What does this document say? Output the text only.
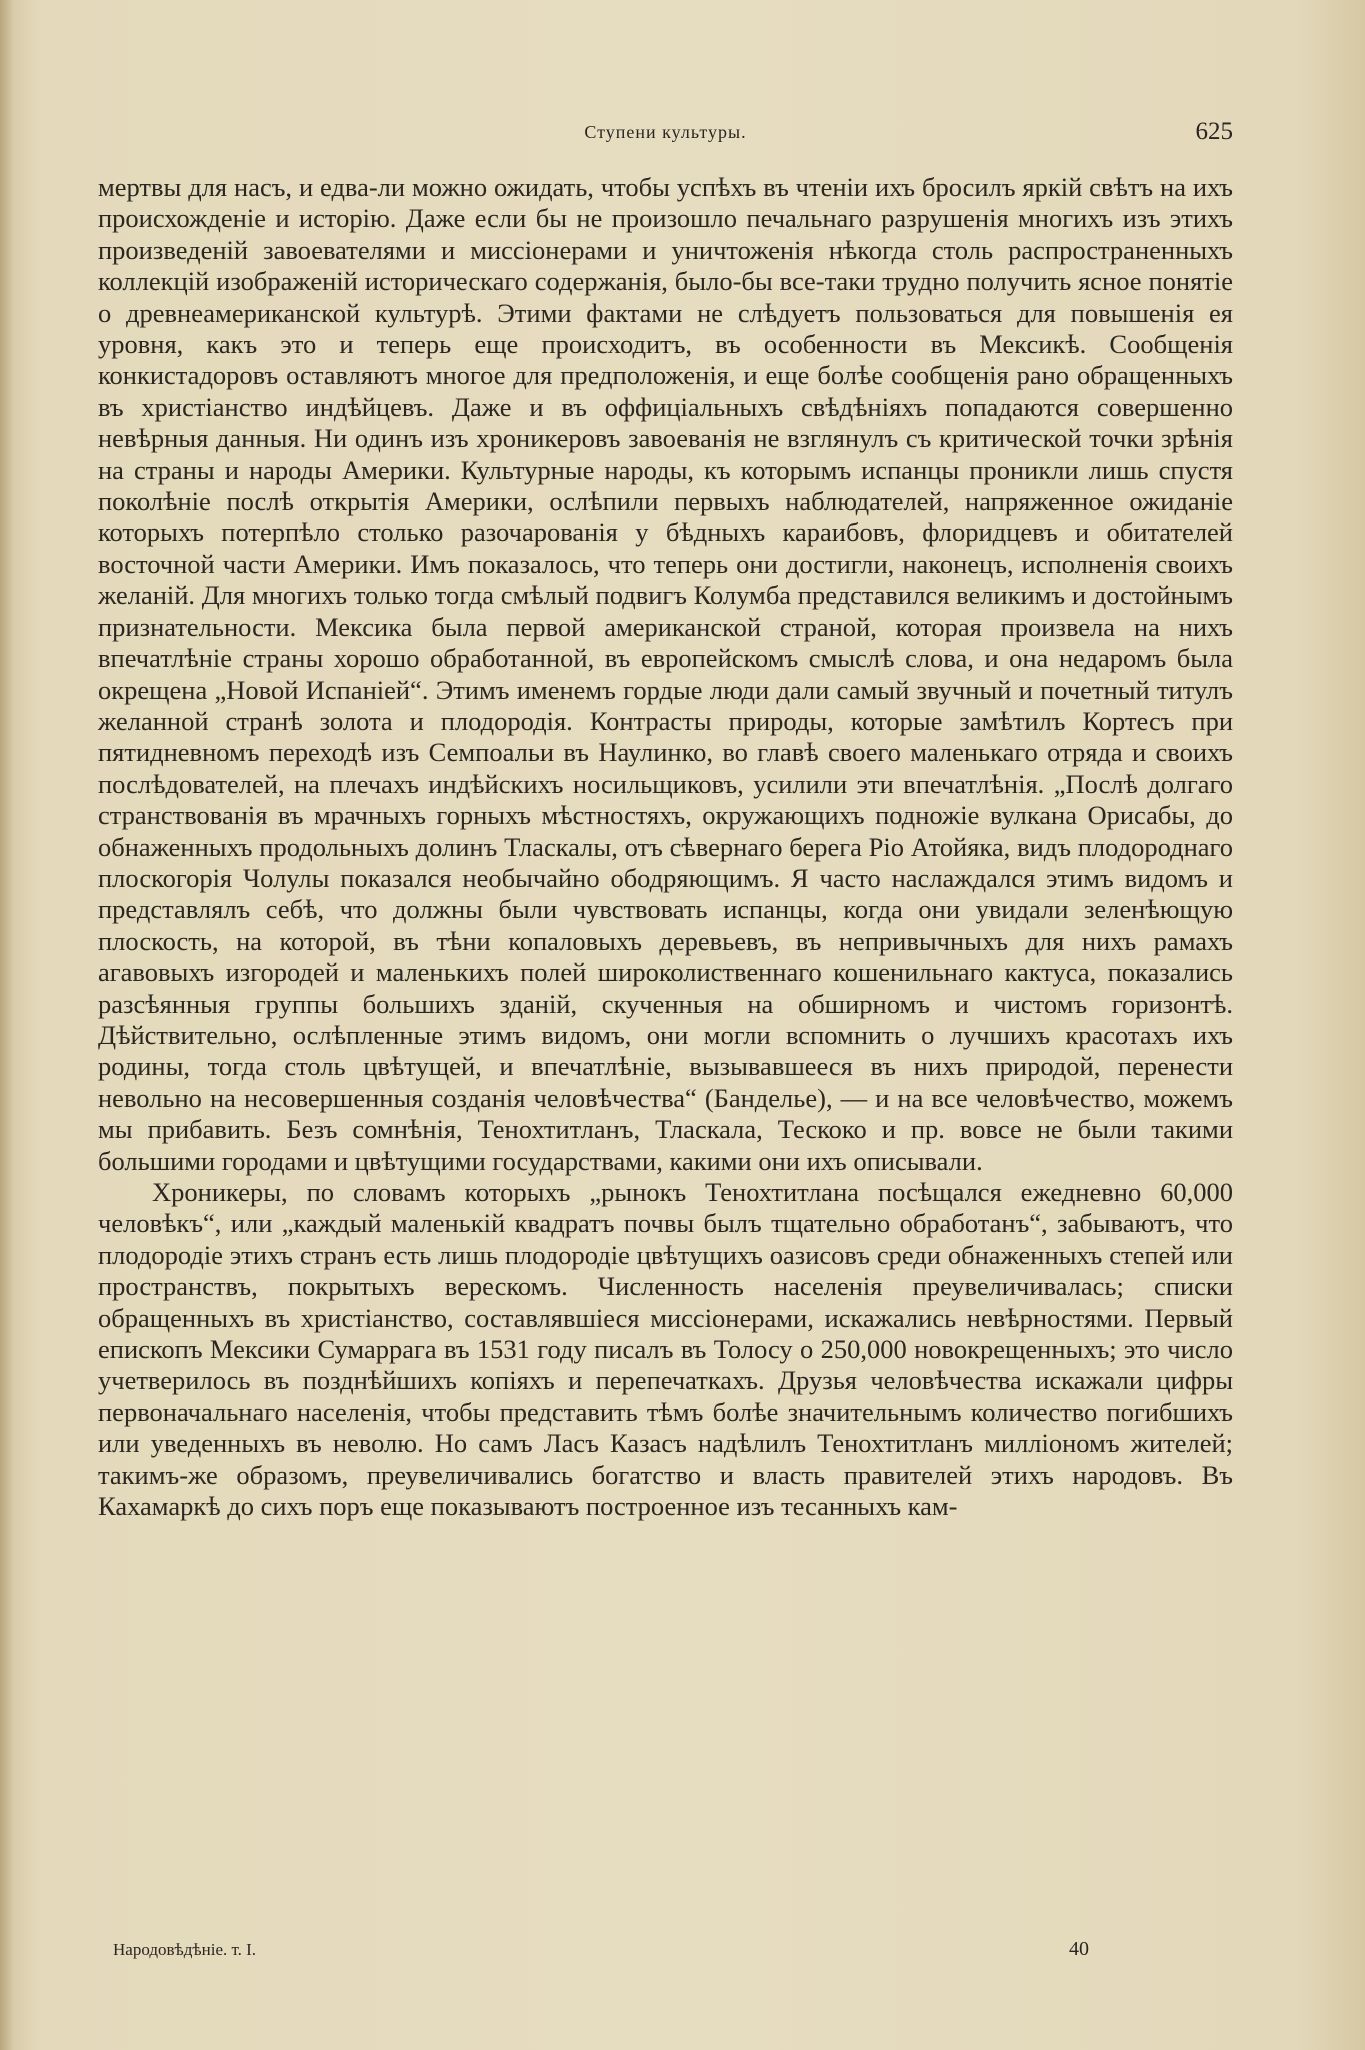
Ступени культуры.	625

мертвы для насъ, и едва-ли можно ожидать, чтобы успѣхъ въ чтеніи ихъ бросилъ яркій свѣтъ на ихъ происхожденіе и исторію. Даже если бы не произошло печальнаго разрушенія многихъ изъ этихъ произведеній завоевателями и миссіонерами и уничтоженія нѣкогда столь распространенныхъ коллекцій изображеній историческаго содержанія, было-бы все-таки трудно получить ясное понятіе о древнеамериканской культурѣ. Этими фактами не слѣдуетъ пользоваться для повышенія ея уровня, какъ это и теперь еще происходитъ, въ особенности въ Мексикѣ. Сообщенія конкистадоровъ оставляютъ многое для предположенія, и еще болѣе сообщенія рано обращенныхъ въ христіанство индѣйцевъ. Даже и въ оффиціальныхъ свѣдѣніяхъ попадаются совершенно невѣрныя данныя. Ни одинъ изъ хроникеровъ завоеванія не взглянулъ съ критической точки зрѣнія на страны и народы Америки. Культурные народы, къ которымъ испанцы проникли лишь спустя поколѣніе послѣ открытія Америки, ослѣпили первыхъ наблюдателей, напряженное ожиданіе которыхъ потерпѣло столько разочарованія у бѣдныхъ караибовъ, флоридцевъ и обитателей восточной части Америки. Имъ показалось, что теперь они достигли, наконецъ, исполненія своихъ желаній. Для многихъ только тогда смѣлый подвигъ Колумба представился великимъ и достойнымъ признательности. Мексика была первой американской страной, которая произвела на нихъ впечатлѣніе страны хорошо обработанной, въ европейскомъ смыслѣ слова, и она недаромъ была окрещена „Новой Испаніей“. Этимъ именемъ гордые люди дали самый звучный и почетный титулъ желанной странѣ золота и плодородія. Контрасты природы, которые замѣтилъ Кортесъ при пятидневномъ переходѣ изъ Семпоальи въ Наулинко, во главѣ своего маленькаго отряда и своихъ послѣдователей, на плечахъ индѣйскихъ носильщиковъ, усилили эти впечатлѣнія. „Послѣ долгаго странствованія въ мрачныхъ горныхъ мѣстностяхъ, окружающихъ подножіе вулкана Орисабы, до обнаженныхъ продольныхъ долинъ Тласкалы, отъ сѣвернаго берега Ріо Атойяка, видъ плодороднаго плоскогорія Чолулы показался необычайно ободряющимъ. Я часто наслаждался этимъ видомъ и представлялъ себѣ, что должны были чувствовать испанцы, когда они увидали зеленѣющую плоскость, на которой, въ тѣни копаловыхъ деревьевъ, въ непривычныхъ для нихъ рамахъ агавовыхъ изгородей и маленькихъ полей широколиственнаго кошенильнаго кактуса, показались разсѣянныя группы большихъ зданій, скученныя на обширномъ и чистомъ горизонтѣ. Дѣйствительно, ослѣпленные этимъ видомъ, они могли вспомнить о лучшихъ красотахъ ихъ родины, тогда столь цвѣтущей, и впечатлѣніе, вызывавшееся въ нихъ природой, перенести невольно на несовершенныя созданія человѣчества“ (Бандельe), — и на все человѣчество, можемъ мы прибавить. Безъ сомнѣнія, Тенохтитланъ, Тласкала, Тескоко и пр. вовсе не были такими большими городами и цвѣтущими государствами, какими они ихъ описывали.

Хроникеры, по словамъ которыхъ „рынокъ Тенохтитлана посѣщался ежедневно 60,000 человѣкъ“, или „каждый маленькій квадратъ почвы былъ тщательно обработанъ“, забываютъ, что плодородіе этихъ странъ есть лишь плодородіе цвѣтущихъ оазисовъ среди обнаженныхъ степей или пространствъ, покрытыхъ верескомъ. Численность населенія преувеличивалась; списки обращенныхъ въ христіанство, составлявшіеся миссіонерами, искажались невѣрностями. Первый епископъ Мексики Сумаррага въ 1531 году писалъ въ Толосу о 250,000 новокрещенныхъ; это число учетверилось въ позднѣйшихъ копіяхъ и перепечаткахъ. Друзья человѣчества искажали цифры первоначальнаго населенія, чтобы представить тѣмъ болѣе значительнымъ количество погибшихъ или уведенныхъ въ неволю. Но самъ Ласъ Казасъ надѣлилъ Тенохтитланъ милліономъ жителей; такимъ-же образомъ, преувеличивались богатство и власть правителей этихъ народовъ. Въ Кахамаркѣ до сихъ поръ еще показываютъ построенное изъ тесанныхъ кам-

Народовѣдѣніе. т. I.	40
